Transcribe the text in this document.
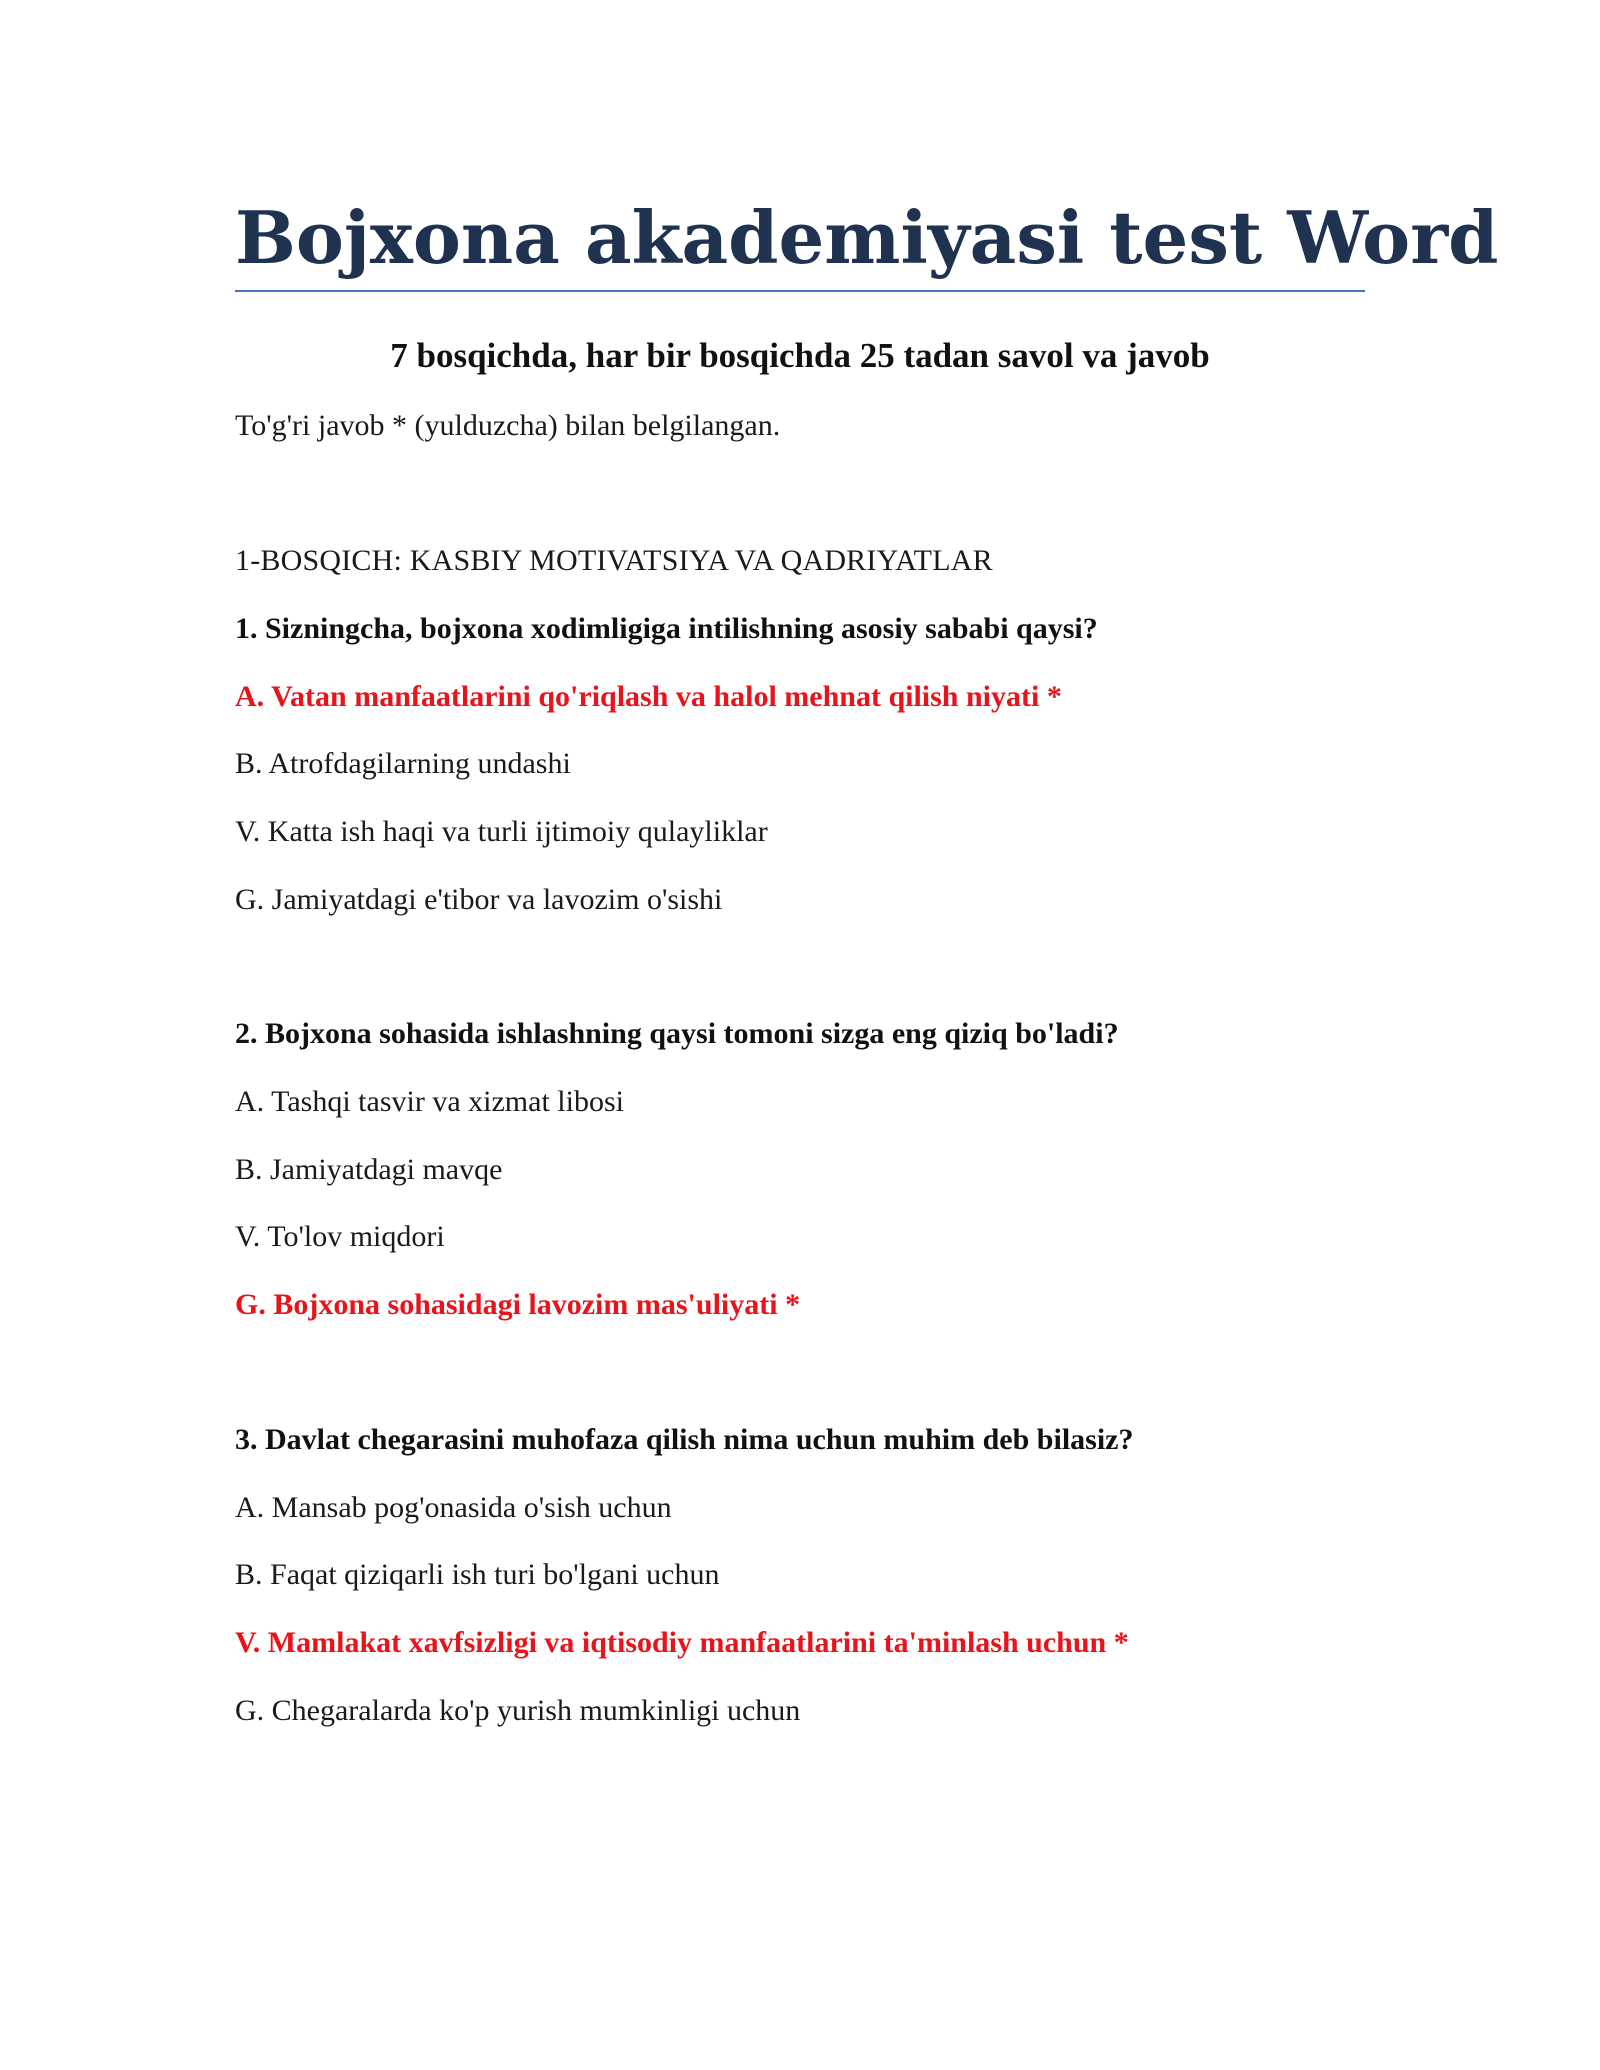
Bojxona akademiyasi test Word
7 bosqichda, har bir bosqichda 25 tadan savol va javob
To'g'ri javob * (yulduzcha) bilan belgilangan.
1-BOSQICH: KASBIY MOTIVATSIYA VA QADRIYATLAR
1. Sizningcha, bojxona xodimligiga intilishning asosiy sababi qaysi?
A. Vatan manfaatlarini qo'riqlash va halol mehnat qilish niyati *
B. Atrofdagilarning undashi
V. Katta ish haqi va turli ijtimoiy qulayliklar
G. Jamiyatdagi e'tibor va lavozim o'sishi
2. Bojxona sohasida ishlashning qaysi tomoni sizga eng qiziq bo'ladi?
A. Tashqi tasvir va xizmat libosi
B. Jamiyatdagi mavqe
V. To'lov miqdori
G. Bojxona sohasidagi lavozim mas'uliyati *
3. Davlat chegarasini muhofaza qilish nima uchun muhim deb bilasiz?
A. Mansab pog'onasida o'sish uchun
B. Faqat qiziqarli ish turi bo'lgani uchun
V. Mamlakat xavfsizligi va iqtisodiy manfaatlarini ta'minlash uchun *
G. Chegaralarda ko'p yurish mumkinligi uchun
